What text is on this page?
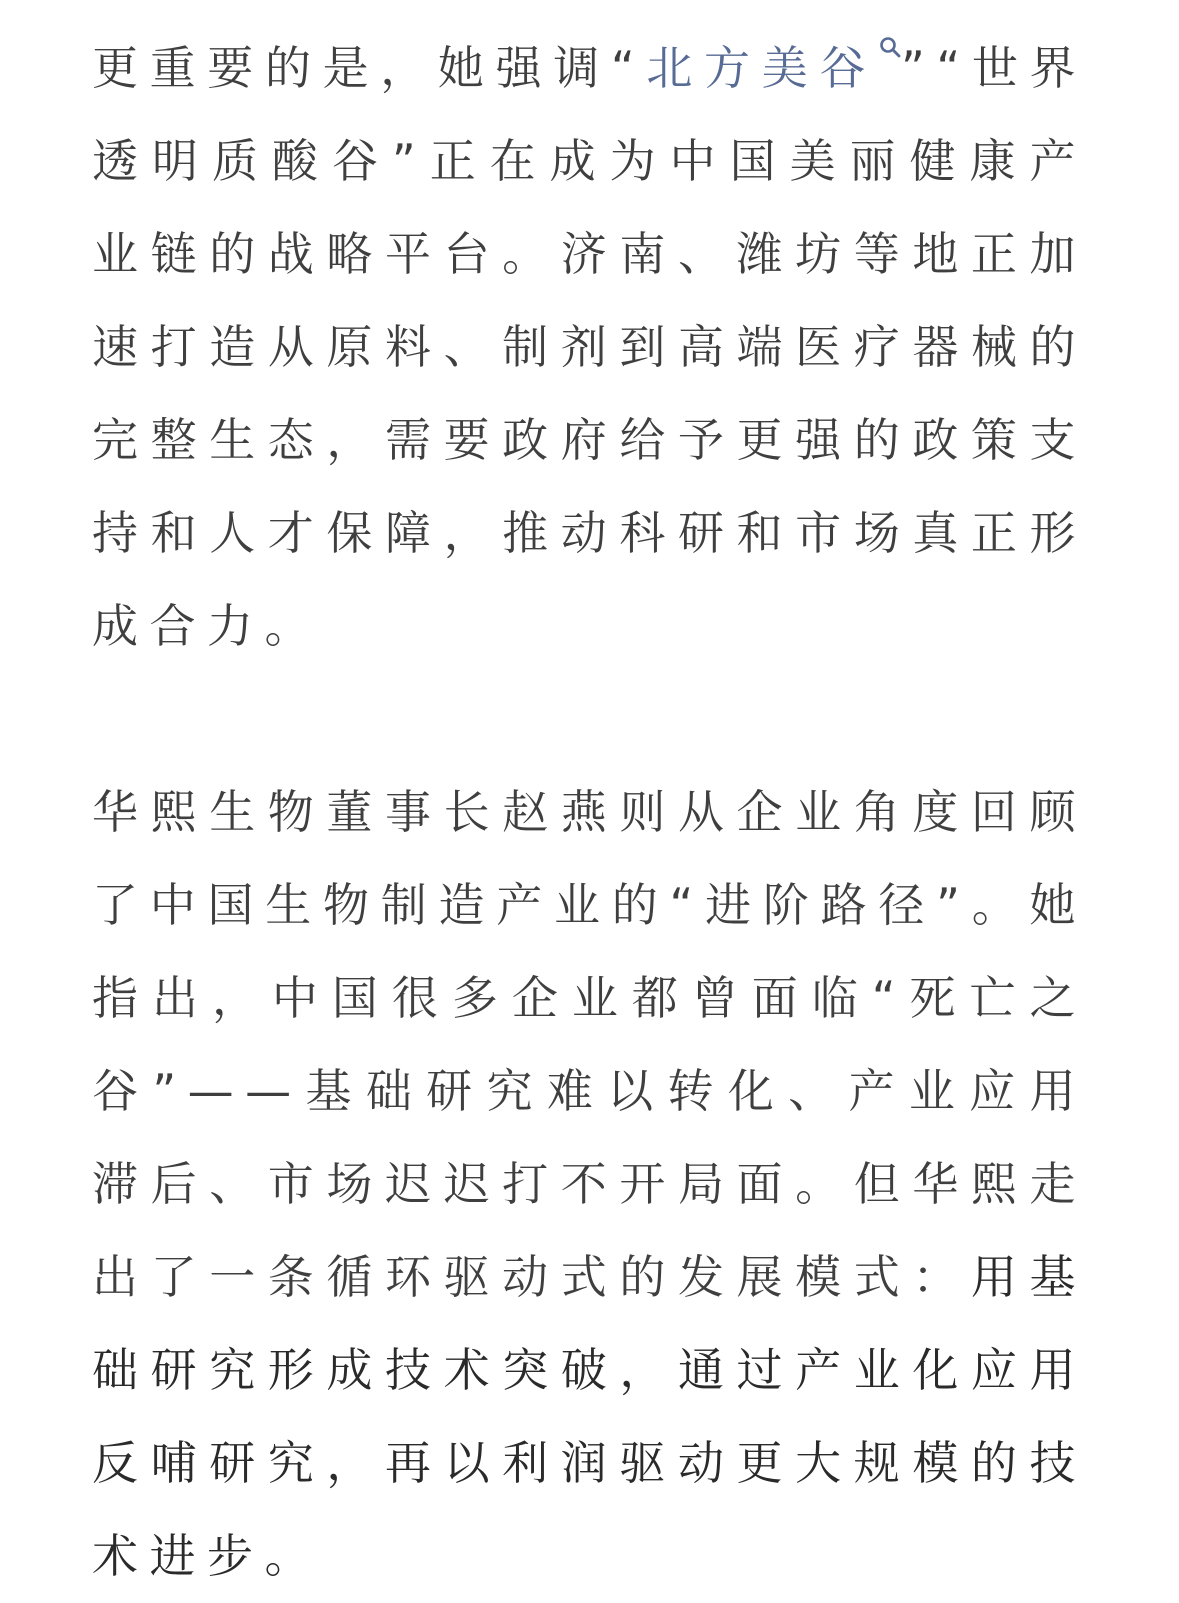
更重要的是，她强调“北方美谷 ”“世界透明质酸谷”正在成为中国美丽健康产业链的战略平台。济南、潍坊等地正加速打造从原料、制剂到高端医疗器械的完整生态，需要政府给予更强的政策支持和人才保障，推动科研和市场真正形成合力。

华熙生物董事长赵燕则从企业角度回顾了中国生物制造产业的“进阶路径”。她指出，中国很多企业都曾面临“死亡之谷”——基础研究难以转化、产业应用滞后、市场迟迟打不开局面。但华熙走出了一条循环驱动式的发展模式：用基础研究形成技术突破，通过产业化应用反哺研究，再以利润驱动更大规模的技术进步。
